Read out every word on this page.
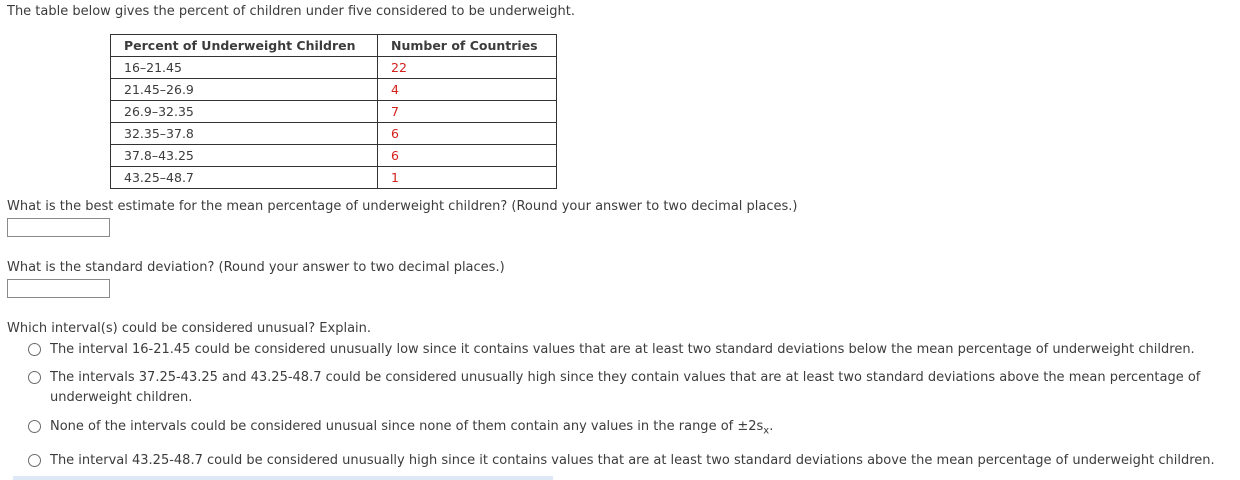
The table below gives the percent of children under five considered to be underweight.
Percent of Underweight Children	Number of Countries
16–21.45	22
21.45–26.9	4
26.9–32.35	7
32.35–37.8	6
37.8–43.25	6
43.25–48.7	1
What is the best estimate for the mean percentage of underweight children? (Round your answer to two decimal places.)
What is the standard deviation? (Round your answer to two decimal places.)
Which interval(s) could be considered unusual? Explain.
The interval 16-21.45 could be considered unusually low since it contains values that are at least two standard deviations below the mean percentage of underweight children.
The intervals 37.25-43.25 and 43.25-48.7 could be considered unusually high since they contain values that are at least two standard deviations above the mean percentage of underweight children.
None of the intervals could be considered unusual since none of them contain any values in the range of $\pm 2s_x$.
The interval 43.25-48.7 could be considered unusually high since it contains values that are at least two standard deviations above the mean percentage of underweight children.
